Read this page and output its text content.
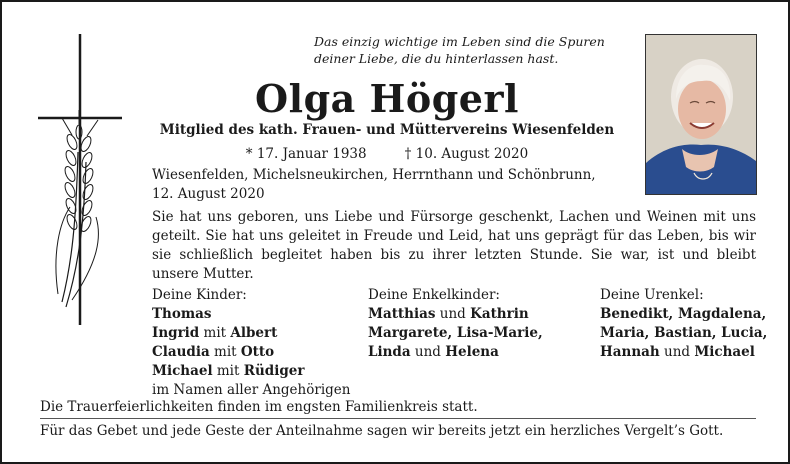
Das einzig wichtige im Leben sind die Spuren
deiner Liebe, die du hinterlassen hast.
Olga Högerl
Mitglied des kath. Frauen- und Müttervereins Wiesenfelden
* 17. Januar 1938	† 10. August 2020
Wiesenfelden, Michelsneukirchen, Herrnthann und Schönbrunn,
12. August 2020
Sie hat uns geboren, uns Liebe und Fürsorge geschenkt, Lachen und Weinen mit uns geteilt. Sie hat uns geleitet in Freude und Leid, hat uns geprägt für das Leben, bis wir sie schließlich begleitet haben bis zu ihrer letzten Stunde. Sie war, ist und bleibt unsere Mutter.
Deine Kinder:
Thomas
Ingrid mit Albert
Claudia mit Otto
Michael mit Rüdiger
im Namen aller Angehörigen
Deine Enkelkinder:
Matthias und Kathrin
Margarete, Lisa-Marie,
Linda und Helena
Deine Urenkel:
Benedikt, Magdalena,
Maria, Bastian, Lucia,
Hannah und Michael
Die Trauerfeierlichkeiten finden im engsten Familienkreis statt.
Für das Gebet und jede Geste der Anteilnahme sagen wir bereits jetzt ein herzliches Vergelt’s Gott.
